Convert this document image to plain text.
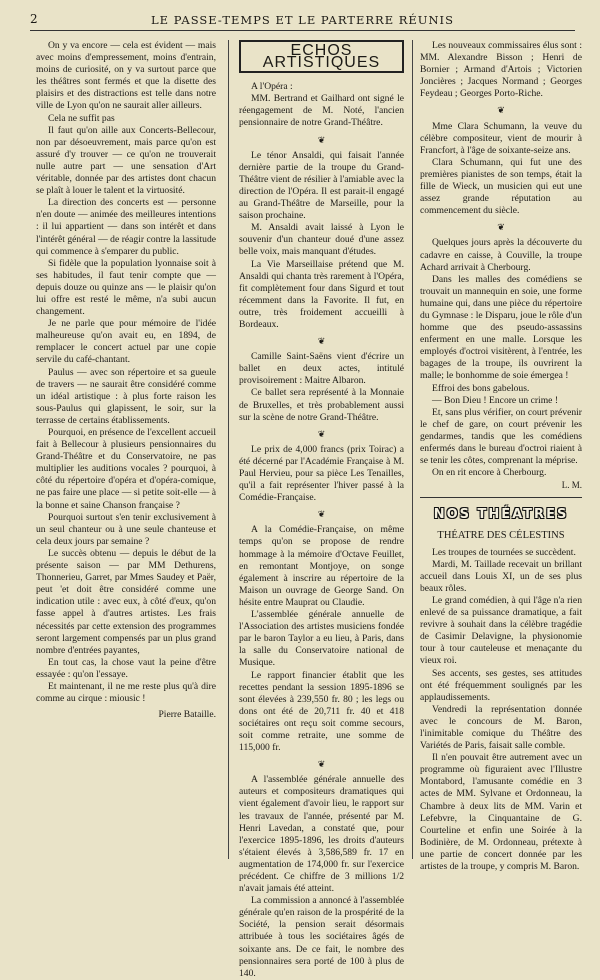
2	LE PASSE-TEMPS ET LE PARTERRE RÉUNIS

On y va encore — cela est évident — mais avec moins d'empressement, moins d'entrain, moins de curiosité, on y va surtout parce que les théâtres sont fermés et que la disette des plaisirs et des distractions est telle dans notre ville de Lyon qu'on ne saurait aller ailleurs.

Cela ne suffit pas

Il faut qu'on aille aux Concerts-Bellecour, non par désoeuvrement, mais parce qu'on est assuré d'y trouver — ce qu'on ne trouverait nulle autre part — une sensation d'Art véritable, donnée par des artistes dont chacun se plaît à louer le talent et la virtuosité.

La direction des concerts est — personne n'en doute — animée des meilleures intentions : il lui appartient — dans son intérêt et dans l'intérêt général — de réagir contre la lassitude qui commence à s'emparer du public.

Si fidèle que la population lyonnaise soit à ses habitudes, il faut tenir compte que — depuis douze ou quinze ans — le plaisir qu'on lui offre est resté le même, n'a subi aucun changement.

Je ne parle que pour mémoire de l'idée malheureuse qu'on avait eu, en 1894, de remplacer le concert actuel par une copie servile du café-chantant.

Paulus — avec son répertoire et sa gueule de travers — ne saurait être considéré comme un idéal artistique : à plus forte raison les sous-Paulus qui glapissent, le soir, sur la terrasse de certains établissements.

Pourquoi, en présence de l'excellent accueil fait à Bellecour à plusieurs pensionnaires du Grand-Théâtre et du Conservatoire, ne pas multiplier les auditions vocales ? pourquoi, à côté du répertoire d'opéra et d'opéra-comique, ne pas faire une place — si petite soit-elle — à la bonne et saine Chanson française ?

Pourquoi surtout s'en tenir exclusivement à un seul chanteur ou à une seule chanteuse et cela deux jours par semaine ?

Le succès obtenu — depuis le début de la présente saison — par MM Dethurens, Thonnerieu, Garret, par Mmes Saudey et Paër, peut 'et doit être considéré comme une indication utile : avec eux, à côté d'eux, qu'on fasse appel à d'autres artistes. Les frais nécessités par cette extension des programmes seront largement compensés par un plus grand nombre d'entrées payantes,

En tout cas, la chose vaut la peine d'être essayée : qu'on l'essaye.

Et maintenant, il ne me reste plus qu'à dire comme au cirque : miousic !

Pierre Bataille.
ECHOS ARTISTIQUES

A l'Opéra :

MM. Bertrand et Gailhard ont signé le réengagement de M. Noté, l'ancien pensionnaire de notre Grand-Théâtre.

❦

Le ténor Ansaldi, qui faisait l'année dernière partie de la troupe du Grand-Théâtre vient de résilier à l'amiable avec la direction de l'Opéra. Il est parait-il engagé au Grand-Théâtre de Marseille, pour la saison prochaine.

M. Ansaldi avait laissé à Lyon le souvenir d'un chanteur doué d'une assez belle voix, mais manquant d'études.

La Vie Marseillaise prétend que M. Ansaldi qui chanta très rarement à l'Opéra, fit complètement four dans Sigurd et tout récemment dans la Favorite. Il fut, en outre, très froidement accueilli à Bordeaux.

❦

Camille Saint-Saëns vient d'écrire un ballet en deux actes, intitulé provisoirement : Maitre Albaron.

Ce ballet sera représenté à la Monnaie de Bruxelles, et très probablement aussi sur la scène de notre Grand-Théâtre.

❦

Le prix de 4,000 francs (prix Toirac) a été décerné par l'Académie Française à M. Paul Hervieu, pour sa pièce Les Tenailles, qu'il a fait représenter l'hiver passé à la Comédie-Française.

❦

A la Comédie-Française, on même temps qu'on se propose de rendre hommage à la mémoire d'Octave Feuillet, en remontant Montjoye, on songe également à inscrire au répertoire de la Maison un ouvrage de George Sand. On hésite entre Mauprat ou Claudie.

L'assemblée générale annuelle de l'Association des artistes musiciens fondée par le baron Taylor a eu lieu, à Paris, dans la salle du Conservatoire national de Musique.

Le rapport financier établit que les recettes pendant la session 1895-1896 se sont élevées à 239,550 fr. 80 ; les legs ou dons ont été de 20,711 fr. 40 et 418 sociétaires ont reçu soit comme secours, soit comme retraite, une somme de 115,000 fr.

❦

A l'assemblée générale annuelle des auteurs et compositeurs dramatiques qui vient également d'avoir lieu, le rapport sur les travaux de l'année, présenté par M. Henri Lavedan, a constaté que, pour l'exercice 1895-1896, les droits d'auteurs s'étaient élevés à 3,586,589 fr. 17 en augmentation de 174,000 fr. sur l'exercice précédent. Ce chiffre de 3 millions 1/2 n'avait jamais été atteint.

La commission a annoncé à l'assemblée générale qu'en raison de la prospérité de la Société, la pension serait désormais attribuée à tous les sociétaires âgés de soixante ans. De ce fait, le nombre des pensionnaires sera porté de 100 à plus de 140.

Les nouveaux commissaires élus sont : MM. Alexandre Bisson ; Henri de Bornier ; Armand d'Artois ; Victorien Joncières ; Jacques Normand ; Georges Feydeau ; Georges Porto-Riche.

❦

Mme Clara Schumann, la veuve du célèbre compositeur, vient de mourir à Francfort, à l'âge de soixante-seize ans.

Clara Schumann, qui fut une des premières pianistes de son temps, était la fille de Wieck, un musicien qui eut une assez grande réputation au commencement du siècle.

❦

Quelques jours après la découverte du cadavre en caisse, à Couville, la troupe Achard arrivait à Cherbourg.

Dans les malles des comédiens se trouvait un mannequin en soie, une forme humaine qui, dans une pièce du répertoire du Gymnase : le Disparu, joue le rôle d'un homme que des pseudo-assassins enferment en une malle. Lorsque les employés d'octroi visitèrent, à l'entrée, les bagages de la troupe, ils ouvrirent la malle; le bonhomme de soie émergea !

Effroi des bons gabelous.

— Bon Dieu ! Encore un crime !

Et, sans plus vérifier, on court prévenir le chef de gare, on court prévenir les gendarmes, tandis que les comédiens enfermés dans le bureau d'octroi riaient à se tenir les côtes, comprenant la méprise.

On en rit encore à Cherbourg.

L. M.
NOS THÉATRES
THÉATRE DES CÉLESTINS

Les troupes de tournées se succèdent.

Mardi, M. Taillade recevait un brillant accueil dans Louis XI, un de ses plus beaux rôles.

Le grand comédien, à qui l'âge n'a rien enlevé de sa puissance dramatique, a fait revivre à souhait dans la célèbre tragédie de Casimir Delavigne, la physionomie tour à tour cauteleuse et menaçante du vieux roi.

Ses accents, ses gestes, ses attitudes ont été fréquemment soulignés par les applaudissements.

Vendredi la représentation donnée avec le concours de M. Baron, l'inimitable comique du Théâtre des Variétés de Paris, faisait salle comble.

Il n'en pouvait être autrement avec un programme où figuraient avec l'Illustre Montabord, l'amusante comédie en 3 actes de MM. Sylvane et Ordonneau, la Chambre à deux lits de MM. Varin et Lefebvre, la Cinquantaine de G. Courteline et enfin une Soirée à la Bodinière, de M. Ordonneau, prétexte à une partie de concert donnée par les artistes de la troupe, y compris M. Baron.
